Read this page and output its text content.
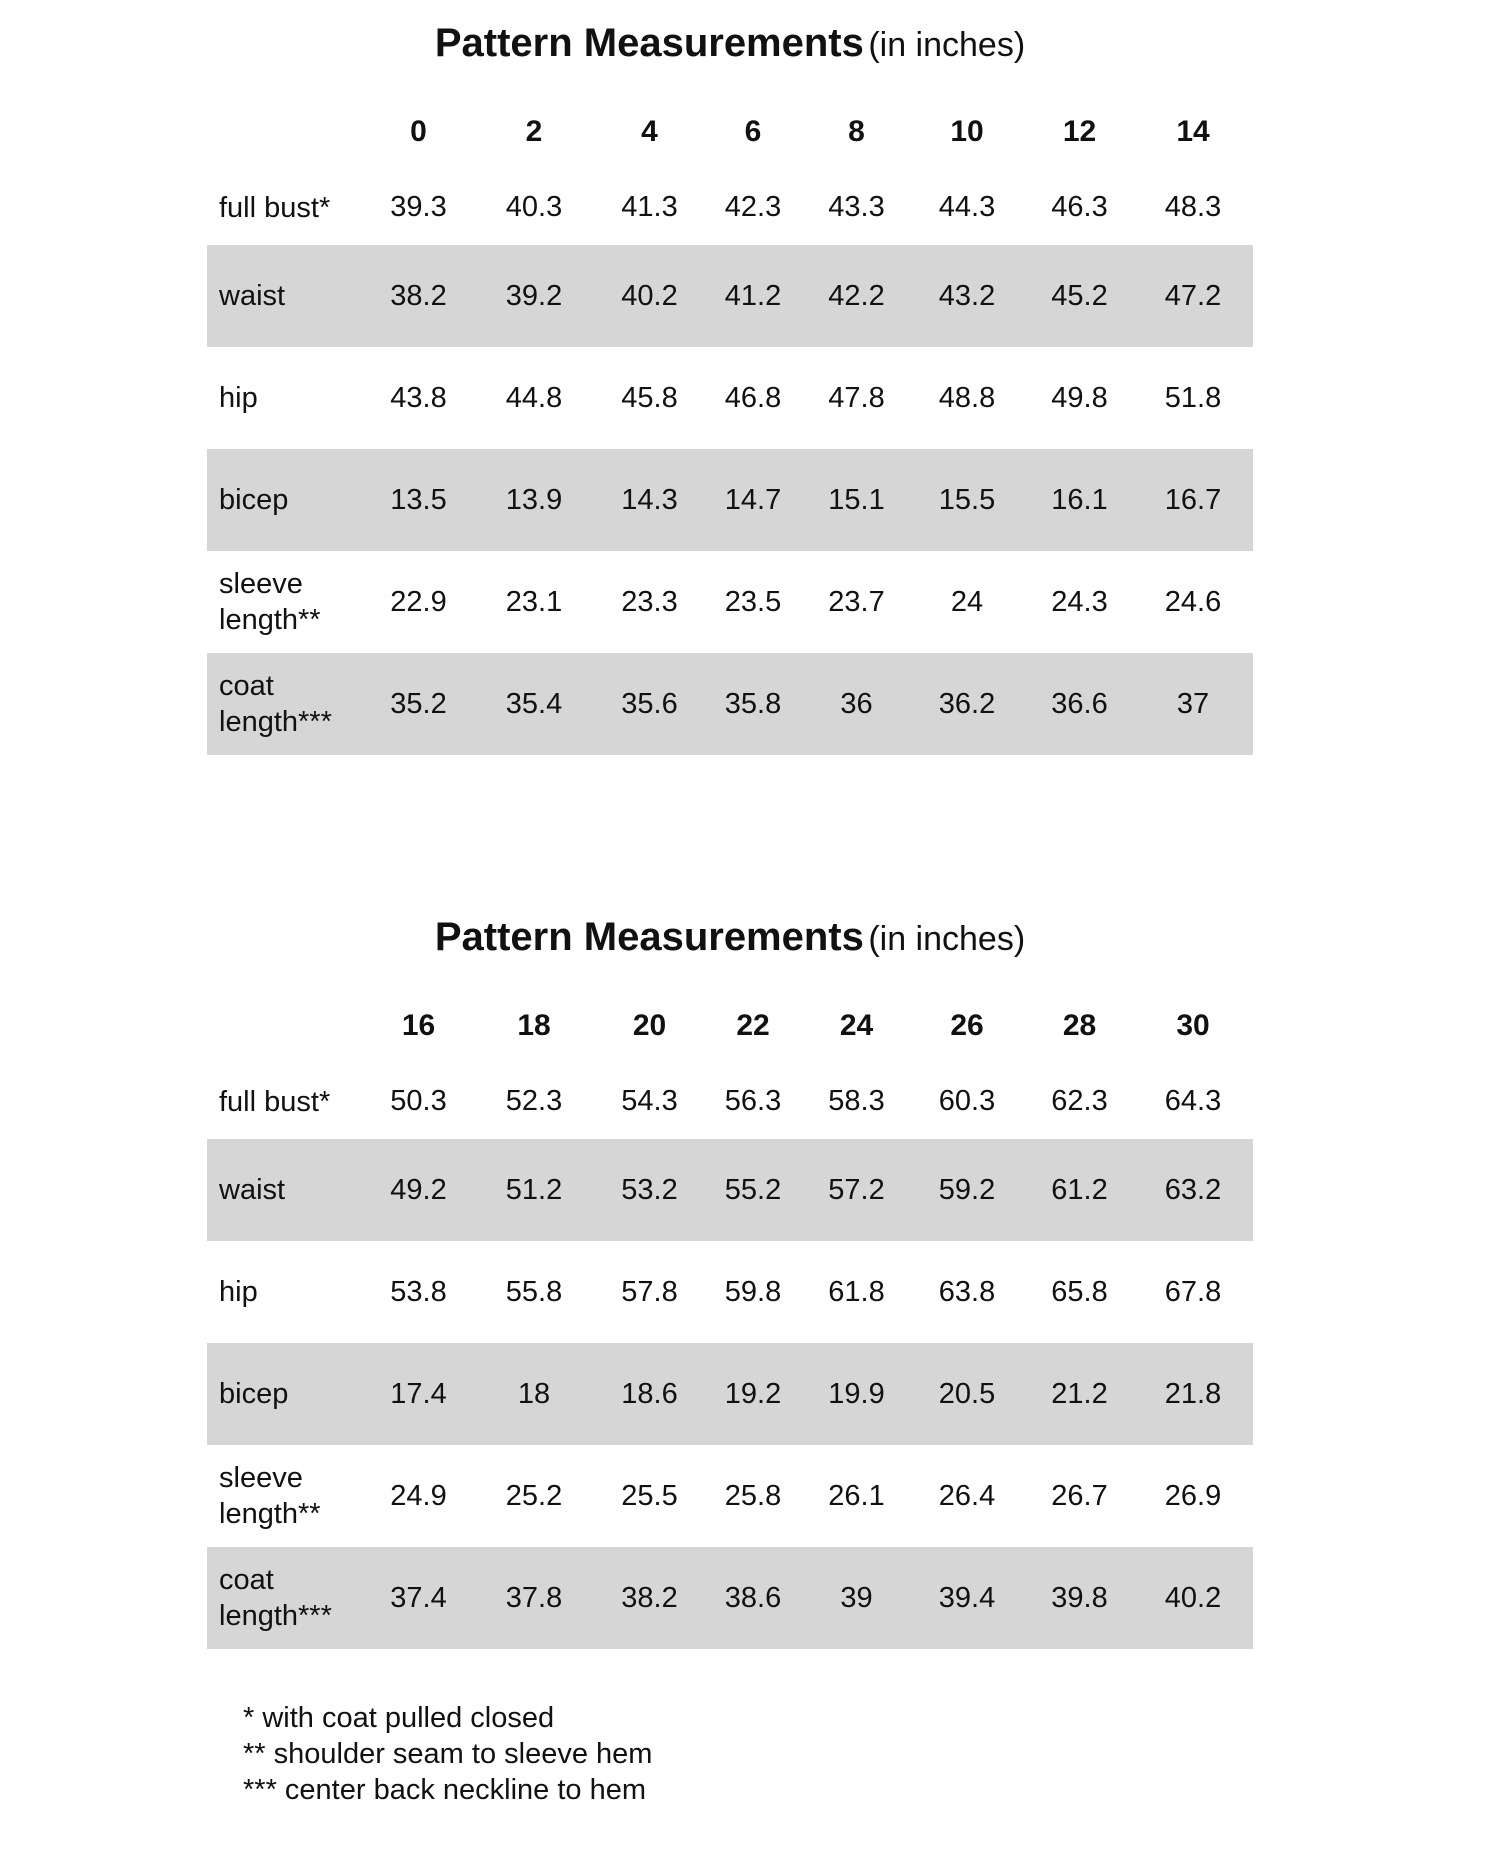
Pattern Measurements (in inches)
	0	2	4	6	8	10	12	14

full bust*	39.3	40.3	41.3	42.3	43.3	44.3	46.3	48.3

waist	38.2	39.2	40.2	41.2	42.2	43.2	45.2	47.2

hip	43.8	44.8	45.8	46.8	47.8	48.8	49.8	51.8

bicep	13.5	13.9	14.3	14.7	15.1	15.5	16.1	16.7

sleeve
length**	22.9	23.1	23.3	23.5	23.7	24	24.3	24.6

coat
length***	35.2	35.4	35.6	35.8	36	36.2	36.6	37
Pattern Measurements (in inches)
	16	18	20	22	24	26	28	30

full bust*	50.3	52.3	54.3	56.3	58.3	60.3	62.3	64.3

waist	49.2	51.2	53.2	55.2	57.2	59.2	61.2	63.2

hip	53.8	55.8	57.8	59.8	61.8	63.8	65.8	67.8

bicep	17.4	18	18.6	19.2	19.9	20.5	21.2	21.8

sleeve
length**	24.9	25.2	25.5	25.8	26.1	26.4	26.7	26.9

coat
length***	37.4	37.8	38.2	38.6	39	39.4	39.8	40.2
* with coat pulled closed
** shoulder seam to sleeve hem
*** center back neckline to hem
